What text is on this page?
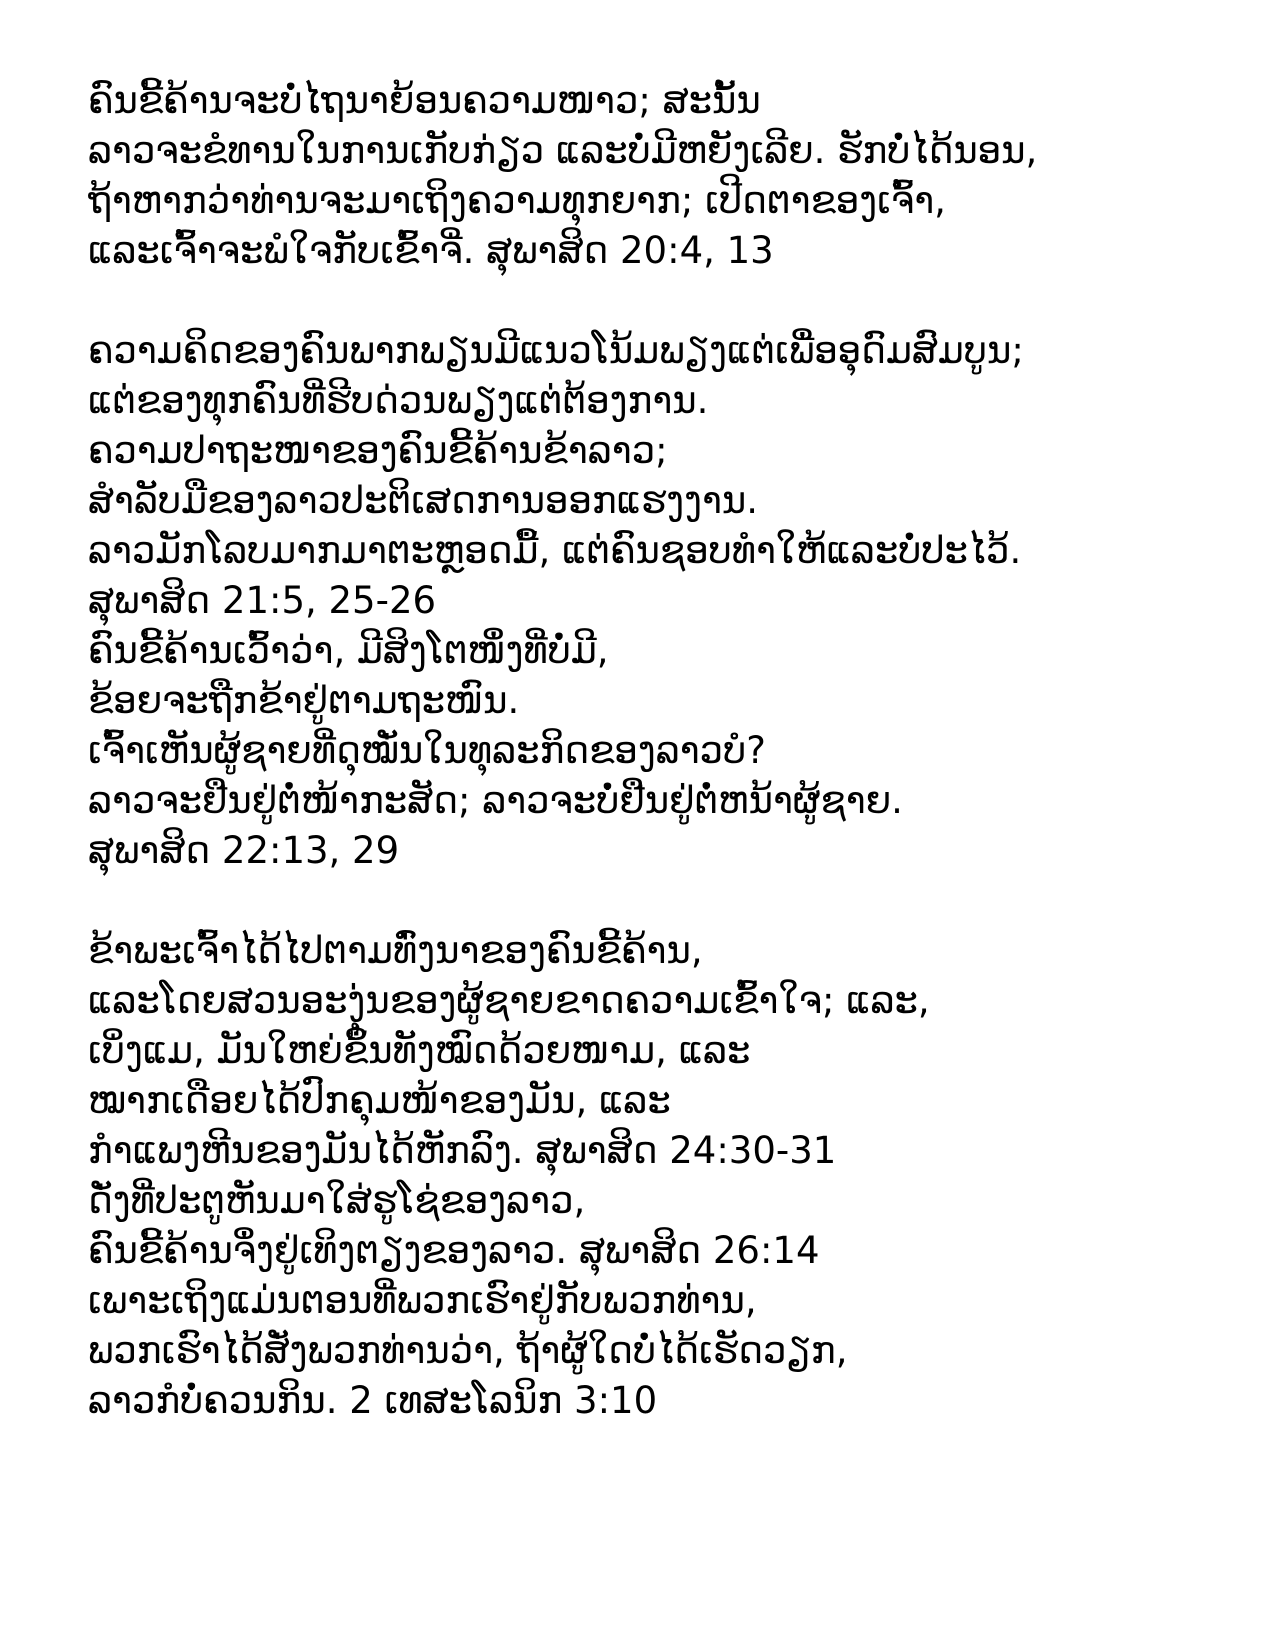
ຄົນຂີ້ຄ້ານຈະບໍ່ໄຖນາຍ້ອນຄວາມໜາວ; ສະນັ້ນ
ລາວຈະຂໍທານໃນການເກັບກ່ຽວ ແລະບໍ່ມີຫຍັງເລີຍ. ຮັກບໍ່ໄດ້ນອນ,
ຖ້າຫາກວ່າທ່ານຈະມາເຖິງຄວາມທຸກຍາກ; ເປີດຕາຂອງເຈົ້າ,
ແລະເຈົ້າຈະພໍໃຈກັບເຂົ້າຈີ່. ສຸພາສິດ 20:4, 13
ຄວາມຄິດຂອງຄົນພາກພຽນມີແນວໂນ້ມພຽງແຕ່ເພື່ອອຸດົມສົມບູນ;
ແຕ່ຂອງທຸກຄົນທີ່ຮີບດ່ວນພຽງແຕ່ຕ້ອງການ.
ຄວາມປາຖະໜາຂອງຄົນຂີ້ຄ້ານຂ້າລາວ;
ສໍາລັບມືຂອງລາວປະຕິເສດການອອກແຮງງານ.
ລາວມັກໂລບມາກມາຕະຫຼອດມື້, ແຕ່ຄົນຊອບທຳໃຫ້ແລະບໍ່ປະໄວ້.
ສຸພາສິດ 21:5, 25-26
ຄົນຂີ້ຄ້ານເວົ້າວ່າ, ມີສິງໂຕໜຶ່ງທີ່ບໍ່ມີ,
ຂ້ອຍຈະຖືກຂ້າຢູ່ຕາມຖະໜົນ.
ເຈົ້າເຫັນຜູ້ຊາຍທີ່ດຸໝັ່ນໃນທຸລະກິດຂອງລາວບໍ?
ລາວຈະຢືນຢູ່ຕໍ່ໜ້າກະສັດ; ລາວຈະບໍ່ຢືນຢູ່ຕໍ່ຫນ້າຜູ້ຊາຍ.
ສຸພາສິດ 22:13, 29
ຂ້າພະເຈົ້າໄດ້ໄປຕາມທົ່ງນາຂອງຄົນຂີ້ຄ້ານ,
ແລະໂດຍສວນອະງຸ່ນຂອງຜູ້ຊາຍຂາດຄວາມເຂົ້າໃຈ; ແລະ,
ເບິ່ງແມ, ມັນໃຫຍ່ຂຶ້ນທັງໝົດດ້ວຍໜາມ, ແລະ
ໝາກເດືອຍໄດ້ປົກຄຸມໜ້າຂອງມັນ, ແລະ
ກຳແພງຫີນຂອງມັນໄດ້ຫັກລົງ. ສຸພາສິດ 24:30-31
ດັ່ງທີ່ປະຕູຫັນມາໃສ່ຮູໂຊ່ຂອງລາວ,
ຄົນຂີ້ຄ້ານຈຶ່ງຢູ່ເທິງຕຽງຂອງລາວ. ສຸພາສິດ 26:14
ເພາະເຖິງແມ່ນຕອນທີ່ພວກເຮົາຢູ່ກັບພວກທ່ານ,
ພວກເຮົາໄດ້ສັ່ງພວກທ່ານວ່າ, ຖ້າຜູ້ໃດບໍ່ໄດ້ເຮັດວຽກ,
ລາວກໍບໍ່ຄວນກິນ. 2 ເທສະໂລນິກ 3:10
